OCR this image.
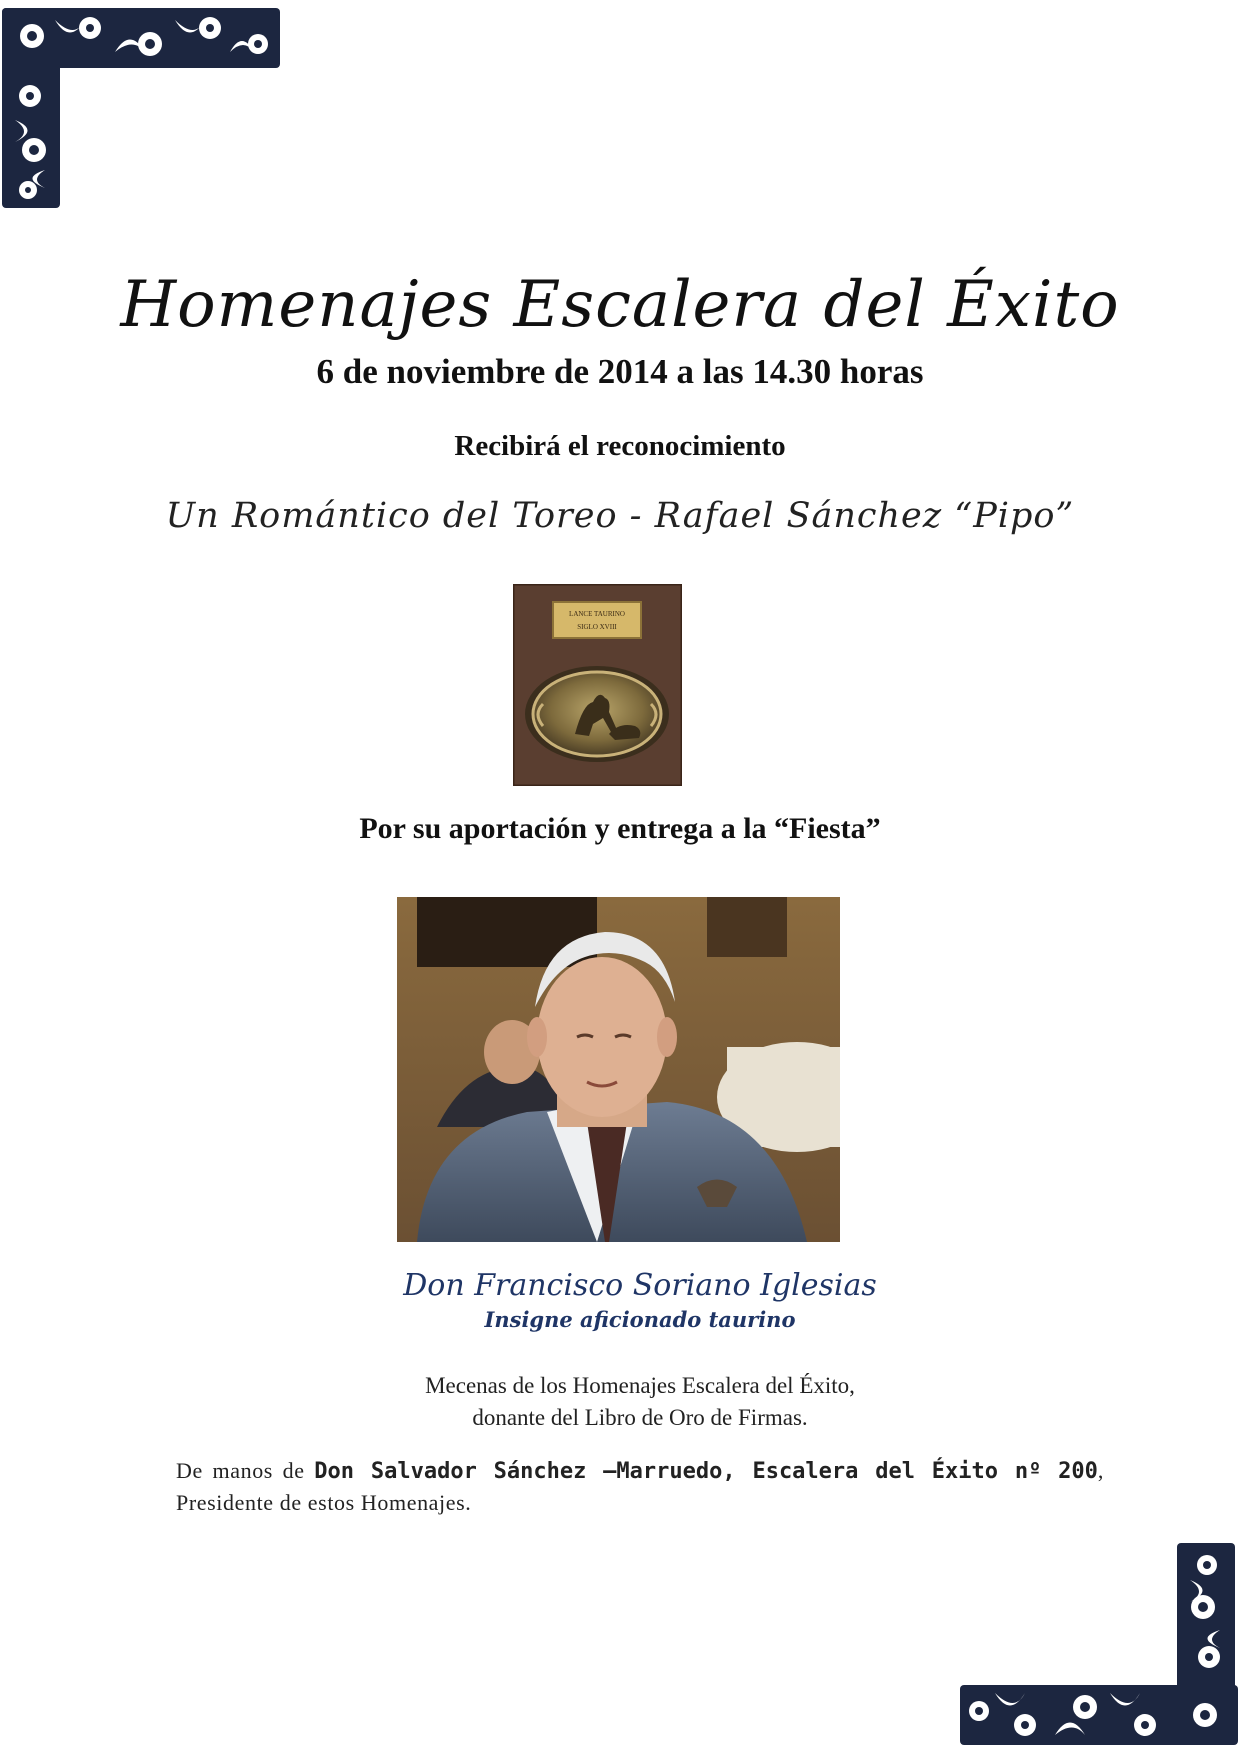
Homenajes Escalera del Éxito
6 de noviembre de 2014 a las 14.30 horas
Recibirá el reconocimiento
Un Romántico del Toreo - Rafael Sánchez “Pipo”
LANCE TAURINO
SIGLO XVIII
Por su aportación y entrega a la “Fiesta”
Don Francisco Soriano Iglesias
Insigne aficionado taurino
Mecenas de los Homenajes Escalera del Éxito,
donante del Libro de Oro de Firmas.
De manos de Don Salvador Sánchez –Marruedo, Escalera del Éxito nº 200, Presidente de estos Homenajes.
